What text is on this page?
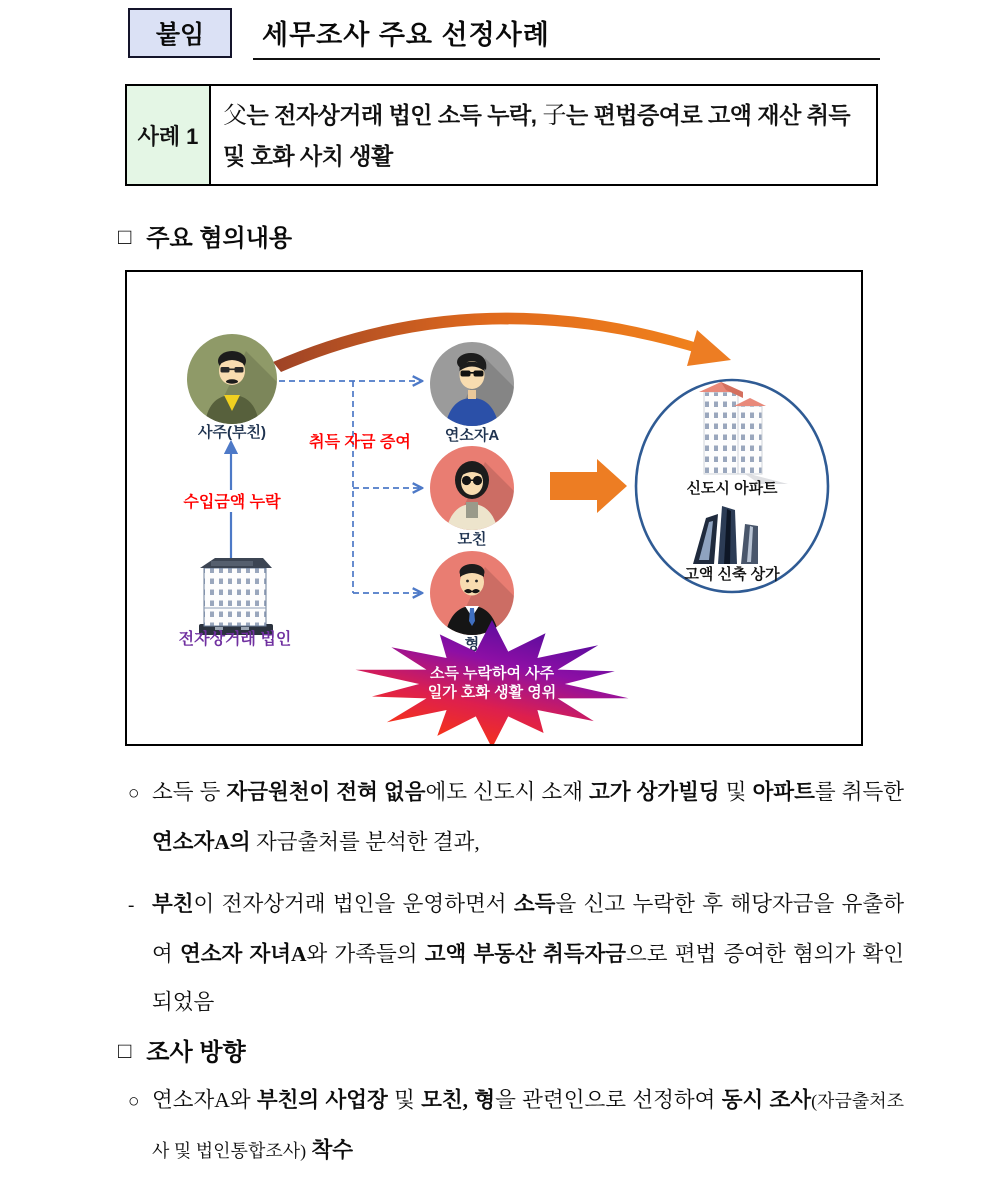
붙임 세무조사 주요 선정사례
사례 1
父는 전자상거래 법인 소득 누락, 子는 편법증여로 고액 재산 취득 및 호화 사치 생활
□ 주요 혐의내용
사주(부친)	연소자A
모친
형
수입금액 누락
취득 자금 증여
전자상거래 법인
신도시 아파트
고액 신축 상가
소득 누락하여 사주
일가 호화 생활 영위
○ 소득 등 자금원천이 전혀 없음에도 신도시 소재 고가 상가빌딩 및 아파트를 취득한 연소자A의 자금출처를 분석한 결과,
- 부친이 전자상거래 법인을 운영하면서 소득을 신고 누락한 후 해당자금을 유출하여 연소자 자녀A와 가족들의 고액 부동산 취득자금으로 편법 증여한 혐의가 확인되었음
□ 조사 방향
○ 연소자A와 부친의 사업장 및 모친, 형을 관련인으로 선정하여 동시 조사(자금출처조사 및 법인통합조사) 착수
